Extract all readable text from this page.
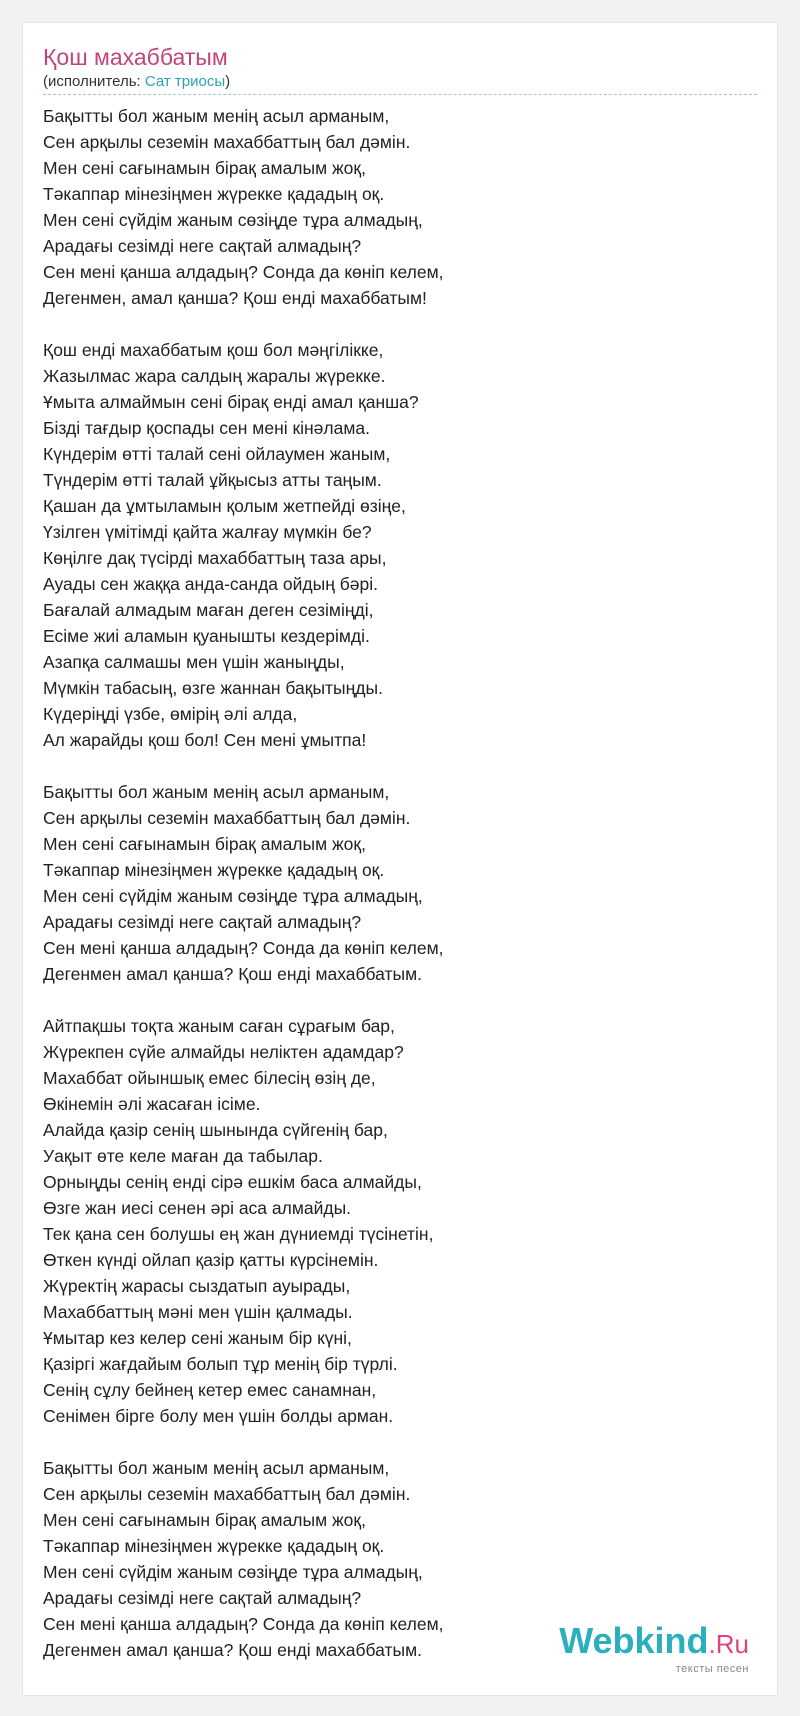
Қош махаббатым
(исполнитель: Сат триосы)
Бақытты бол жаным менің асыл арманым,
Сен арқылы сеземін махаббаттың бал дәмін.
Мен сені сағынамын бірақ амалым жоқ,
Тәкаппар мінезіңмен жүрекке қададың оқ.
Мен сені сүйдім жаным сөзіңде тұра алмадың,
Арадағы сезімді неге сақтай алмадың?
Сен мені қанша алдадың? Сонда да көніп келем,
Дегенмен, амал қанша? Қош енді махаббатым!
Қош енді махаббатым қош бол мәңгілікке,
Жазылмас жара салдың жаралы жүрекке.
Ұмыта алмаймын сені бірақ енді амал қанша?
Бізді тағдыр қоспады сен мені кінәлама.
Күндерім өтті талай сені ойлаумен жаным,
Түндерім өтті талай ұйқысыз атты таңым.
Қашан да ұмтыламын қолым жетпейді өзіңе,
Үзілген үмітімді қайта жалғау мүмкін бе?
Көңілге дақ түсірді махаббаттың таза ары,
Ауады сен жаққа анда-санда ойдың бәрі.
Бағалай алмадым маған деген сезіміңді,
Есіме жиі аламын қуанышты кездерімді.
Азапқа салмашы мен үшін жаныңды,
Мүмкін табасың, өзге жаннан бақытыңды.
Күдеріңді үзбе, өмірің әлі алда,
Ал жарайды қош бол! Сен мені ұмытпа!
Бақытты бол жаным менің асыл арманым,
Сен арқылы сеземін махаббаттың бал дәмін.
Мен сені сағынамын бірақ амалым жоқ,
Тәкаппар мінезіңмен жүрекке қададың оқ.
Мен сені сүйдім жаным сөзіңде тұра алмадың,
Арадағы сезімді неге сақтай алмадың?
Сен мені қанша алдадың? Сонда да көніп келем,
Дегенмен амал қанша? Қош енді махаббатым.
Айтпақшы тоқта жаным саған сұрағым бар,
Жүрекпен сүйе алмайды неліктен адамдар?
Махаббат ойыншық емес білесің өзің де,
Өкінемін әлі жасаған ісіме.
Алайда қазір сенің шынында сүйгенің бар,
Уақыт өте келе маған да табылар.
Орныңды сенің енді сірә ешкім баса алмайды,
Өзге жан иесі сенен әрі аса алмайды.
Тек қана сен болушы ең жан дүниемді түсінетін,
Өткен күнді ойлап қазір қатты күрсінемін.
Жүректің жарасы сыздатып ауырады,
Махаббаттың мәні мен үшін қалмады.
Ұмытар кез келер сені жаным бір күні,
Қазіргі жағдайым болып тұр менің бір түрлі.
Сенің сұлу бейнең кетер емес санамнан,
Сенімен бірге болу мен үшін болды арман.
Бақытты бол жаным менің асыл арманым,
Сен арқылы сеземін махаббаттың бал дәмін.
Мен сені сағынамын бірақ амалым жоқ,
Тәкаппар мінезіңмен жүрекке қададың оқ.
Мен сені сүйдім жаным сөзіңде тұра алмадың,
Арадағы сезімді неге сақтай алмадың?
Сен мені қанша алдадың? Сонда да көніп келем,
Дегенмен амал қанша? Қош енді махаббатым.	Webkind.Ru
тексты песен
